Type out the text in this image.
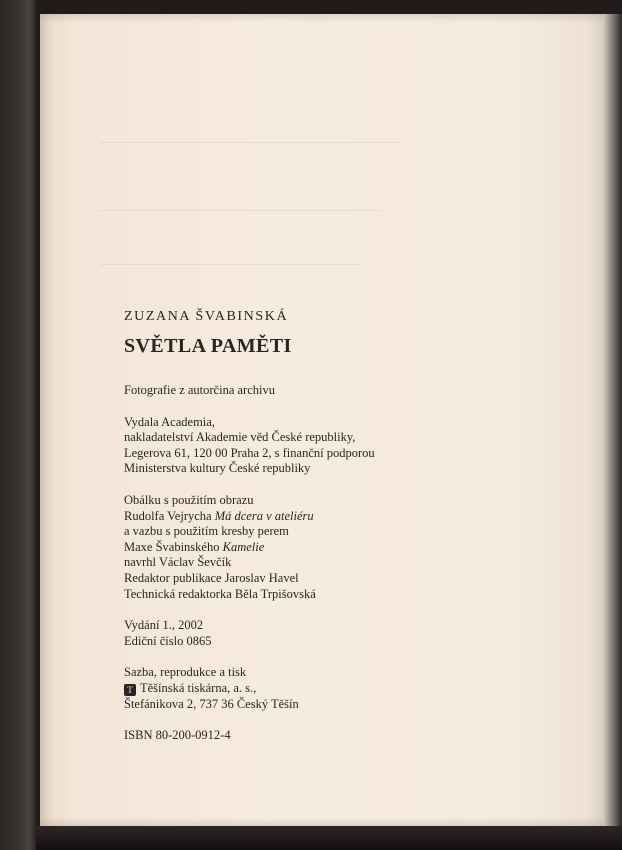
ZUZANA ŠVABINSKÁ
SVĚTLA PAMĚTI
Fotografie z autorčina archivu
Vydala Academia,
nakladatelství Akademie věd České republiky,
Legerova 61, 120 00 Praha 2, s finanční podporou
Ministerstva kultury České republiky
Obálku s použitím obrazu
Rudolfa Vejrycha Má dcera v ateliéru
a vazbu s použitím kresby perem
Maxe Švabinského Kamelie
navrhl Václav Ševčík
Redaktor publikace Jaroslav Havel
Technická redaktorka Běla Trpišovská
Vydání 1., 2002
Ediční číslo 0865
Sazba, reprodukce a tisk
T Těšínská tiskárna, a. s.,
Štefánikova 2, 737 36 Český Těšín
ISBN 80-200-0912-4
